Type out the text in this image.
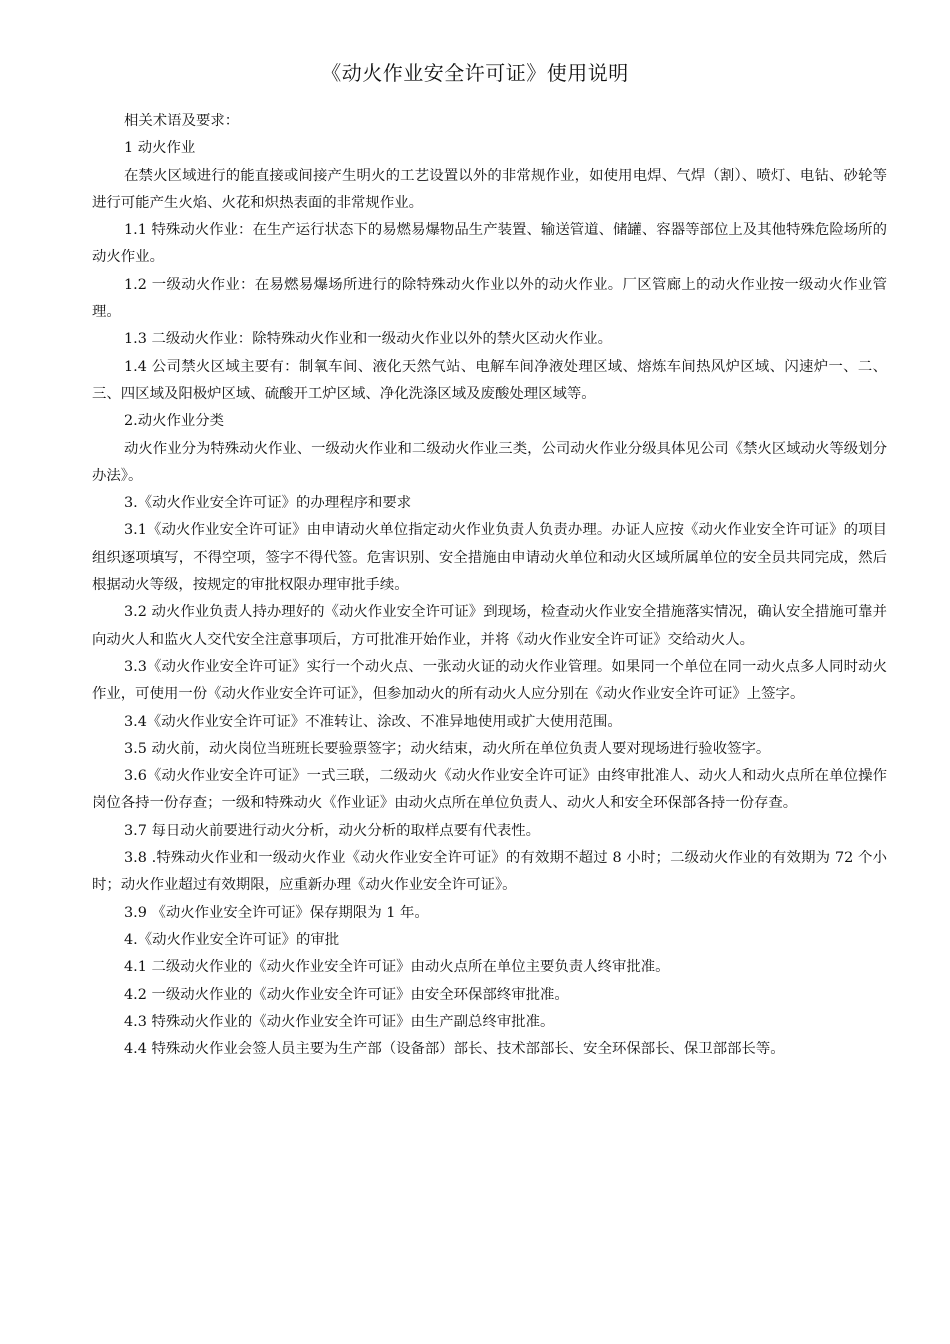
《动火作业安全许可证》使用说明

相关术语及要求：

1 动火作业

在禁火区域进行的能直接或间接产生明火的工艺设置以外的非常规作业，如使用电焊、气焊（割）、喷灯、电钻、砂轮等进行可能产生火焰、火花和炽热表面的非常规作业。

1.1 特殊动火作业：在生产运行状态下的易燃易爆物品生产装置、输送管道、储罐、容器等部位上及其他特殊危险场所的动火作业。

1.2 一级动火作业：在易燃易爆场所进行的除特殊动火作业以外的动火作业。厂区管廊上的动火作业按一级动火作业管理。

1.3 二级动火作业：除特殊动火作业和一级动火作业以外的禁火区动火作业。

1.4 公司禁火区域主要有：制氧车间、液化天然气站、电解车间净液处理区域、熔炼车间热风炉区域、闪速炉一、二、三、四区域及阳极炉区域、硫酸开工炉区域、净化洗涤区域及废酸处理区域等。

2.动火作业分类

动火作业分为特殊动火作业、一级动火作业和二级动火作业三类，公司动火作业分级具体见公司《禁火区域动火等级划分办法》。

3.《动火作业安全许可证》的办理程序和要求

3.1《动火作业安全许可证》由申请动火单位指定动火作业负责人负责办理。办证人应按《动火作业安全许可证》的项目组织逐项填写，不得空项，签字不得代签。危害识别、安全措施由申请动火单位和动火区域所属单位的安全员共同完成，然后根据动火等级，按规定的审批权限办理审批手续。

3.2 动火作业负责人持办理好的《动火作业安全许可证》到现场，检查动火作业安全措施落实情况，确认安全措施可靠并向动火人和监火人交代安全注意事项后，方可批准开始作业，并将《动火作业安全许可证》交给动火人。

3.3《动火作业安全许可证》实行一个动火点、一张动火证的动火作业管理。如果同一个单位在同一动火点多人同时动火作业，可使用一份《动火作业安全许可证》，但参加动火的所有动火人应分别在《动火作业安全许可证》上签字。

3.4《动火作业安全许可证》不准转让、涂改、不准异地使用或扩大使用范围。

3.5 动火前，动火岗位当班班长要验票签字；动火结束，动火所在单位负责人要对现场进行验收签字。

3.6《动火作业安全许可证》一式三联，二级动火《动火作业安全许可证》由终审批准人、动火人和动火点所在单位操作岗位各持一份存查；一级和特殊动火《作业证》由动火点所在单位负责人、动火人和安全环保部各持一份存查。

3.7 每日动火前要进行动火分析，动火分析的取样点要有代表性。

3.8 .特殊动火作业和一级动火作业《动火作业安全许可证》的有效期不超过 8 小时；二级动火作业的有效期为 72 个小时；动火作业超过有效期限，应重新办理《动火作业安全许可证》。

3.9 《动火作业安全许可证》保存期限为 1 年。

4.《动火作业安全许可证》的审批

4.1 二级动火作业的《动火作业安全许可证》由动火点所在单位主要负责人终审批准。

4.2 一级动火作业的《动火作业安全许可证》由安全环保部终审批准。

4.3 特殊动火作业的《动火作业安全许可证》由生产副总终审批准。

4.4 特殊动火作业会签人员主要为生产部（设备部）部长、技术部部长、安全环保部长、保卫部部长等。
